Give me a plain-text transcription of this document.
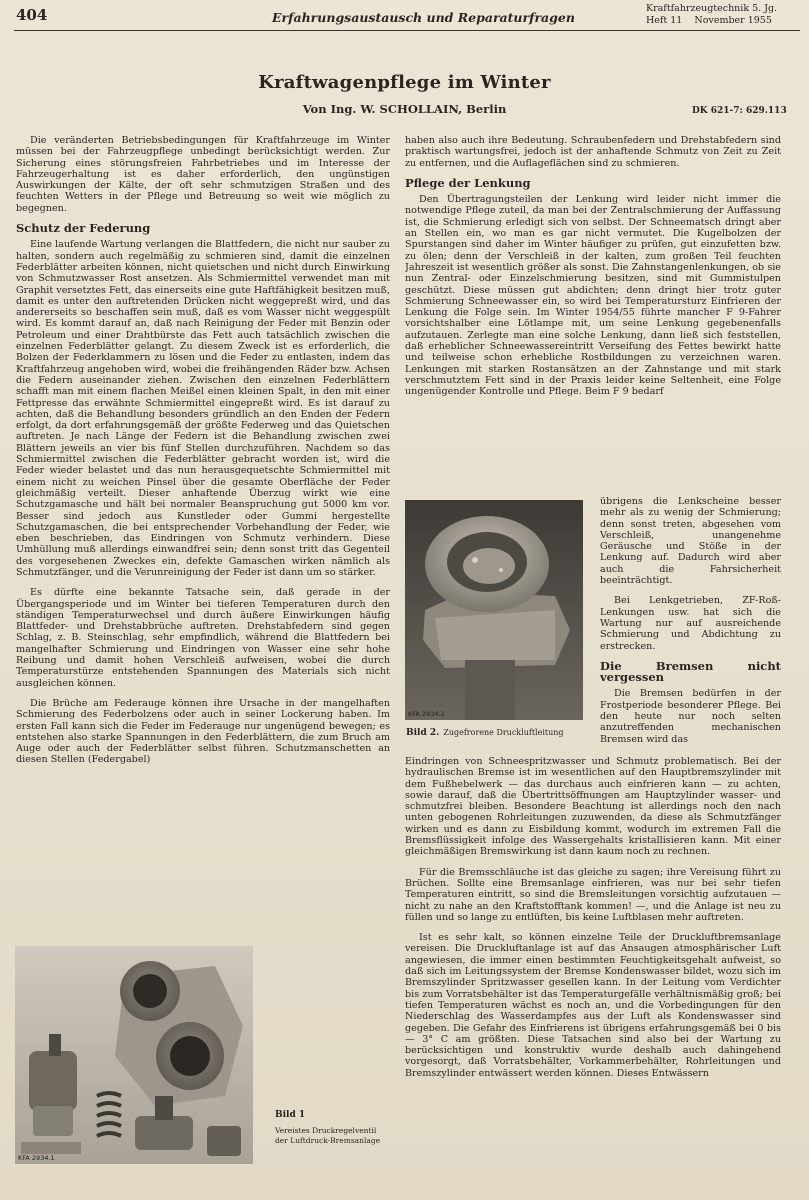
404	Erfahrungsaustausch und Reparaturfragen
Kraftfahrzeugtechnik 5. Jg.
Heft 11    November 1955
Kraftwagenpflege im Winter
Von Ing. W. SCHOLLAIN, Berlin	DK 621-7: 629.113

Die veränderten Betriebsbedingungen für Kraftfahrzeuge im Winter müssen bei der Fahrzeugpflege unbedingt berücksichtigt werden. Zur Sicherung eines störungsfreien Fahrbetriebes und im Interesse der Fahrzeugerhaltung ist es daher erforderlich, den ungünstigen Auswirkungen der Kälte, der oft sehr schmutzigen Straßen und des feuchten Wetters in der Pflege und Betreuung so weit wie möglich zu begegnen.

Schutz der Federung

Eine laufende Wartung verlangen die Blattfedern, die nicht nur sauber zu halten, sondern auch regelmäßig zu schmieren sind, damit die einzelnen Federblätter arbeiten können, nicht quietschen und nicht durch Einwirkung von Schmutzwasser Rost ansetzen. Als Schmiermittel verwendet man mit Graphit versetztes Fett, das einerseits eine gute Haftfähigkeit besitzen muß, damit es unter den auftretenden Drücken nicht weggepreßt wird, und das andererseits so beschaffen sein muß, daß es vom Wasser nicht weggespült wird. Es kommt darauf an, daß nach Reinigung der Feder mit Benzin oder Petroleum und einer Drahtbürste das Fett auch tatsächlich zwischen die einzelnen Federblätter gelangt. Zu diesem Zweck ist es erforderlich, die Bolzen der Federklammern zu lösen und die Feder zu entlasten, indem das Kraftfahrzeug angehoben wird, wobei die freihängenden Räder bzw. Achsen die Federn auseinander ziehen. Zwischen den einzelnen Federblättern schafft man mit einem flachen Meißel einen kleinen Spalt, in den mit einer Fettpresse das erwähnte Schmiermittel eingepreßt wird. Es ist darauf zu achten, daß die Behandlung besonders gründlich an den Enden der Federn erfolgt, da dort erfahrungsgemäß der größte Federweg und das Quietschen auftreten. Je nach Länge der Federn ist die Behandlung zwischen zwei Blättern jeweils an vier bis fünf Stellen durchzuführen. Nachdem so das Schmiermittel zwischen die Federblätter gebracht worden ist, wird die Feder wieder belastet und das nun herausgequetschte Schmiermittel mit einem nicht zu weichen Pinsel über die gesamte Oberfläche der Feder gleichmäßig verteilt. Dieser anhaftende Überzug wirkt wie eine Schutzgamasche und hält bei normaler Beanspruchung gut 5000 km vor. Besser sind jedoch aus Kunstleder oder Gummi hergestellte Schutzgamaschen, die bei entsprechender Vorbehandlung der Feder, wie eben beschrieben, das Eindringen von Schmutz verhindern. Diese Umhüllung muß allerdings einwandfrei sein; denn sonst tritt das Gegenteil des vorgesehenen Zweckes ein, defekte Gamaschen wirken nämlich als Schmutzfänger, und die Verunreinigung der Feder ist dann um so stärker.

Es dürfte eine bekannte Tatsache sein, daß gerade in der Übergangsperiode und im Winter bei tieferen Temperaturen durch den ständigen Temperaturwechsel und durch äußere Einwirkungen häufig Blattfeder- und Drehstabbrüche auftreten. Drehstabfedern sind gegen Schlag, z. B. Steinschlag, sehr empfindlich, während die Blattfedern bei mangelhafter Schmierung und Eindringen von Wasser eine sehr hohe Reibung und damit hohen Verschleiß aufweisen, wobei die durch Temperaturstürze entstehenden Spannungen des Materials sich nicht ausgleichen können.

Die Brüche am Federauge können ihre Ursache in der mangelhaften Schmierung des Federbolzens oder auch in seiner Lockerung haben. Im ersten Fall kann sich die Feder im Federauge nur ungenügend bewegen; es entstehen also starke Spannungen in den Federblättern, die zum Bruch am Auge oder auch der Federblätter selbst führen. Schutzmanschetten an diesen Stellen (Federgabel)

haben also auch ihre Bedeutung. Schraubenfedern und Drehstabfedern sind praktisch wartungsfrei, jedoch ist der anhaftende Schmutz von Zeit zu Zeit zu entfernen, und die Auflageflächen sind zu schmieren.

Pflege der Lenkung

Den Übertragungsteilen der Lenkung wird leider nicht immer die notwendige Pflege zuteil, da man bei der Zentralschmierung der Auffassung ist, die Schmierung erledigt sich von selbst. Der Schneematsch dringt aber an Stellen ein, wo man es gar nicht vermutet. Die Kugelbolzen der Spurstangen sind daher im Winter häufiger zu prüfen, gut einzufetten bzw. zu ölen; denn der Verschleiß in der kalten, zum großen Teil feuchten Jahreszeit ist wesentlich größer als sonst. Die Zahnstangenlenkungen, ob sie nun Zentral- oder Einzelschmierung besitzen, sind mit Gummistulpen geschützt. Diese müssen gut abdichten; denn dringt hier trotz guter Schmierung Schneewasser ein, so wird bei Temperatursturz Einfrieren der Lenkung die Folge sein. Im Winter 1954/55 führte mancher F 9-Fahrer vorsichtshalber eine Lötlampe mit, um seine Lenkung gegebenenfalls aufzutauen. Zerlegte man eine solche Lenkung, dann ließ sich feststellen, daß erheblicher Schneewassereintritt Verseifung des Fettes bewirkt hatte und teilweise schon erhebliche Rostbildungen zu verzeichnen waren. Lenkungen mit starken Rostansätzen an der Zahnstange und mit stark verschmutztem Fett sind in der Praxis leider keine Seltenheit, eine Folge ungenügender Kontrolle und Pflege. Beim F 9 bedarf

übrigens die Lenkscheine besser mehr als zu wenig der Schmierung; denn sonst treten, abgesehen vom Verschleiß, unangenehme Geräusche und Stöße in der Lenkung auf. Dadurch wird aber auch die Fahrsicherheit beeinträchtigt.

Bei Lenkgetrieben, ZF-Roß-Lenkungen usw. hat sich die Wartung nur auf ausreichende Schmierung und Abdichtung zu erstrecken.

Die Bremsen nicht vergessen

Die Bremsen bedürfen in der Frostperiode besonderer Pflege. Bei den heute nur noch selten anzutreffenden mechanischen Bremsen wird das

Eindringen von Schneespritzwasser und Schmutz problematisch. Bei der hydraulischen Bremse ist im wesentlichen auf den Hauptbremszylinder mit dem Fußhebelwerk — das durchaus auch einfrieren kann — zu achten, sowie darauf, daß die Übertrittsöffnungen am Hauptzylinder wasser- und schmutzfrei bleiben. Besondere Beachtung ist allerdings noch den nach unten gebogenen Rohrleitungen zuzuwenden, da diese als Schmutzfänger wirken und es dann zu Eisbildung kommt, wodurch im extremen Fall die Bremsflüssigkeit infolge des Wassergehalts kristallisieren kann. Mit einer gleichmäßigen Bremswirkung ist dann kaum noch zu rechnen.

Für die Bremsschläuche ist das gleiche zu sagen; ihre Vereisung führt zu Brüchen. Sollte eine Bremsanlage einfrieren, was nur bei sehr tiefen Temperaturen eintritt, so sind die Bremsleitungen vorsichtig aufzutauen — nicht zu nahe an den Kraftstofftank kommen! —, und die Anlage ist neu zu füllen und so lange zu entlüften, bis keine Luftblasen mehr auftreten.

Ist es sehr kalt, so können einzelne Teile der Druckluftbremsanlage vereisen. Die Druckluftanlage ist auf das Ansaugen atmosphärischer Luft angewiesen, die immer einen bestimmten Feuchtigkeitsgehalt aufweist, so daß sich im Leitungssystem der Bremse Kondenswasser bildet, wozu sich im Bremszylinder Spritzwasser gesellen kann. In der Leitung vom Verdichter bis zum Vorratsbehälter ist das Temperaturgefälle verhältnismäßig groß; bei tiefen Temperaturen wächst es noch an, und die Vorbedingungen für den Niederschlag des Wasserdampfes aus der Luft als Kondenswasser sind gegeben. Die Gefahr des Einfrierens ist übrigens erfahrungsgemäß bei 0 bis — 3° C am größten. Diese Tatsachen sind also bei der Wartung zu berücksichtigen und konstruktiv wurde deshalb auch dahingehend vorgesorgt, daß Vorratsbehälter, Vorkammerbehälter, Rohrleitungen und Bremszylinder entwässert werden können. Dieses Entwässern

KFA 2934.1
Bild 1
Vereistes Druckregelventil der Luftdruck-Bremsanlage
KFA 2934.2
Bild 2. Zugefrorene Druckluftleitung
